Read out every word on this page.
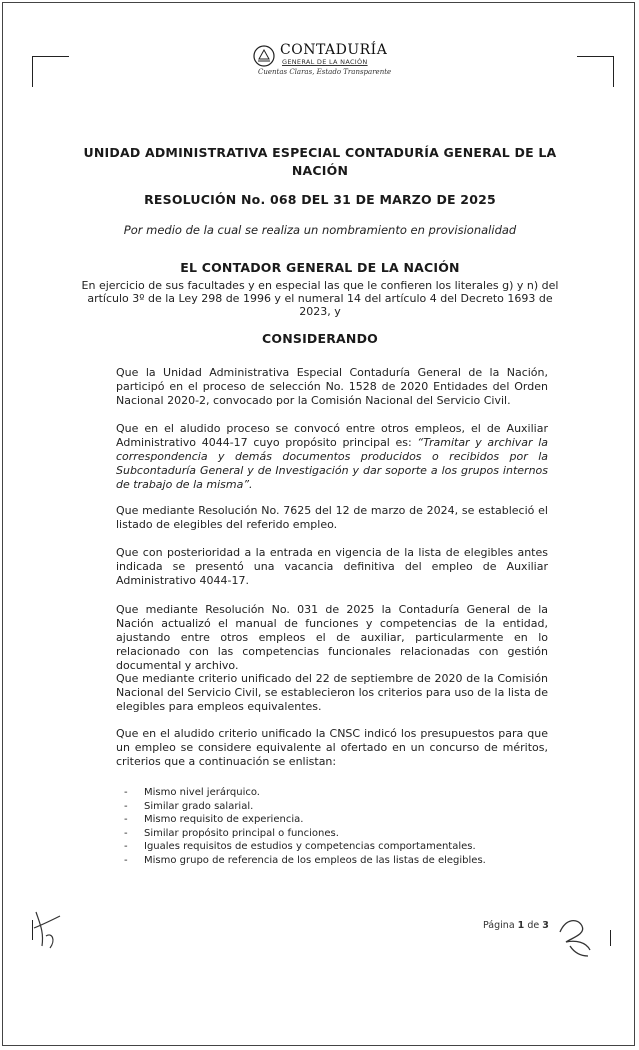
CONTADURÍA
GENERAL DE LA NACIÓN
Cuentas Claras, Estado Transparente
UNIDAD ADMINISTRATIVA ESPECIAL CONTADURÍA GENERAL DE LA NACIÓN
RESOLUCIÓN No. 068 DEL 31 DE MARZO DE 2025
Por medio de la cual se realiza un nombramiento en provisionalidad
EL CONTADOR GENERAL DE LA NACIÓN
En ejercicio de sus facultades y en especial las que le confieren los literales g) y n) del artículo 3º de la Ley 298 de 1996 y el numeral 14 del artículo 4 del Decreto 1693 de 2023, y
CONSIDERANDO

Que la Unidad Administrativa Especial Contaduría General de la Nación, participó en el proceso de selección No. 1528 de 2020 Entidades del Orden Nacional 2020-2, convocado por la Comisión Nacional del Servicio Civil.

Que en el aludido proceso se convocó entre otros empleos, el de Auxiliar Administrativo 4044-17 cuyo propósito principal es: “Tramitar y archivar la correspondencia y demás documentos producidos o recibidos por la Subcontaduría General y de Investigación y dar soporte a los grupos internos de trabajo de la misma”.

Que mediante Resolución No. 7625 del 12 de marzo de 2024, se estableció el listado de elegibles del referido empleo.

Que con posterioridad a la entrada en vigencia de la lista de elegibles antes indicada se presentó una vacancia definitiva del empleo de Auxiliar Administrativo 4044-17.

Que mediante Resolución No. 031 de 2025 la Contaduría General de la Nación actualizó el manual de funciones y competencias de la entidad, ajustando entre otros empleos el de auxiliar, particularmente en lo relacionado con las competencias funcionales relacionadas con gestión documental y archivo.

Que mediante criterio unificado del 22 de septiembre de 2020 de la Comisión Nacional del Servicio Civil, se establecieron los criterios para uso de la lista de elegibles para empleos equivalentes.

Que en el aludido criterio unificado la CNSC indicó los presupuestos para que un empleo se considere equivalente al ofertado en un concurso de méritos, criterios que a continuación se enlistan:

- Mismo nivel jerárquico.
- Similar grado salarial.
- Mismo requisito de experiencia.
- Similar propósito principal o funciones.
- Iguales requisitos de estudios y competencias comportamentales.
- Mismo grupo de referencia de los empleos de las listas de elegibles.
Página 1 de 3
